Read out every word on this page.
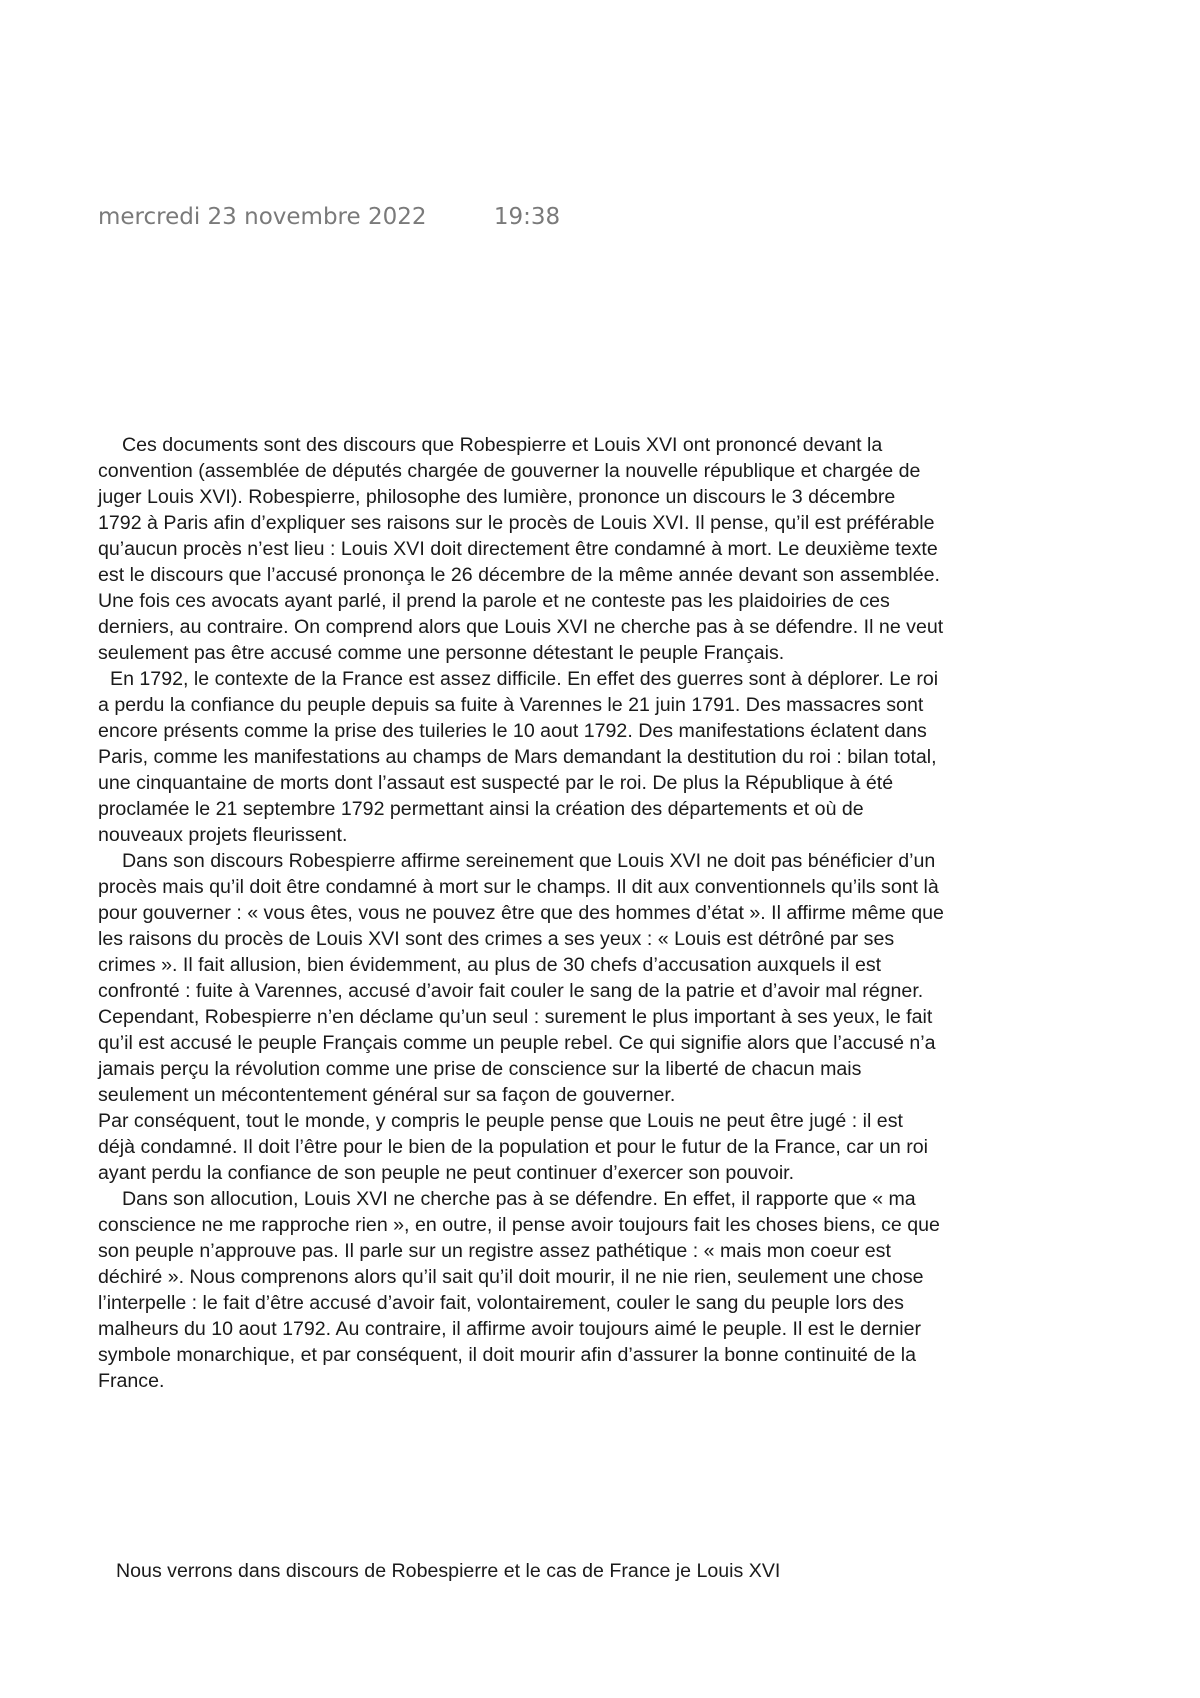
mercredi 23 novembre 2022	19:38

Ces documents sont des discours que Robespierre et Louis XVI ont prononcé devant la convention (assemblée de députés chargée de gouverner la nouvelle république et chargée de juger Louis XVI). Robespierre, philosophe des lumière, prononce un discours le 3 décembre 1792 à Paris afin d’expliquer ses raisons sur le procès de Louis XVI. Il pense, qu’il est préférable qu’aucun procès n’est lieu : Louis XVI doit directement être condamné à mort. Le deuxième texte est le discours que l’accusé prononça le 26 décembre de la même année devant son assemblée. Une fois ces avocats ayant parlé, il prend la parole et ne conteste pas les plaidoiries de ces derniers, au contraire. On comprend alors que Louis XVI ne cherche pas à se défendre. Il ne veut seulement pas être accusé comme une personne détestant le peuple Français.

En 1792, le contexte de la France est assez difficile. En effet des guerres sont à déplorer. Le roi a perdu la confiance du peuple depuis sa fuite à Varennes le 21 juin 1791. Des massacres sont encore présents comme la prise des tuileries le 10 aout 1792. Des manifestations éclatent dans Paris, comme les manifestations au champs de Mars demandant la destitution du roi : bilan total, une cinquantaine de morts dont l’assaut est suspecté par le roi. De plus la République à été proclamée le 21 septembre 1792 permettant ainsi la création des départements et où de nouveaux projets fleurissent.

Dans son discours Robespierre affirme sereinement que Louis XVI ne doit pas bénéficier d’un procès mais qu’il doit être condamné à mort sur le champs. Il dit aux conventionnels qu’ils sont là pour gouverner : « vous êtes, vous ne pouvez être que des hommes d’état ». Il affirme même que les raisons du procès de Louis XVI sont des crimes a ses yeux : « Louis est détrôné par ses crimes ». Il fait allusion, bien évidemment, au plus de 30 chefs d’accusation auxquels il est confronté : fuite à Varennes, accusé d’avoir fait couler le sang de la patrie et d’avoir mal régner. Cependant, Robespierre n’en déclame qu’un seul : surement le plus important à ses yeux, le fait qu’il est accusé le peuple Français comme un peuple rebel. Ce qui signifie alors que l’accusé n’a jamais perçu la révolution comme une prise de conscience sur la liberté de chacun mais seulement un mécontentement général sur sa façon de gouverner.

Par conséquent, tout le monde, y compris le peuple pense que Louis ne peut être jugé : il est déjà condamné. Il doit l’être pour le bien de la population et pour le futur de la France, car un roi ayant perdu la confiance de son peuple ne peut continuer d’exercer son pouvoir.

Dans son allocution, Louis XVI ne cherche pas à se défendre. En effet, il rapporte que « ma conscience ne me rapproche rien », en outre, il pense avoir toujours fait les choses biens, ce que son peuple n’approuve pas. Il parle sur un registre assez pathétique : « mais mon coeur est déchiré ». Nous comprenons alors qu’il sait qu’il doit mourir, il ne nie rien, seulement une chose l’interpelle : le fait d’être accusé d’avoir fait, volontairement, couler le sang du peuple lors des malheurs du 10 aout 1792. Au contraire, il affirme avoir toujours aimé le peuple. Il est le dernier symbole monarchique, et par conséquent, il doit mourir afin d’assurer la bonne continuité de la France.

Nous verrons dans discours de Robespierre et le cas de France je Louis XVI
